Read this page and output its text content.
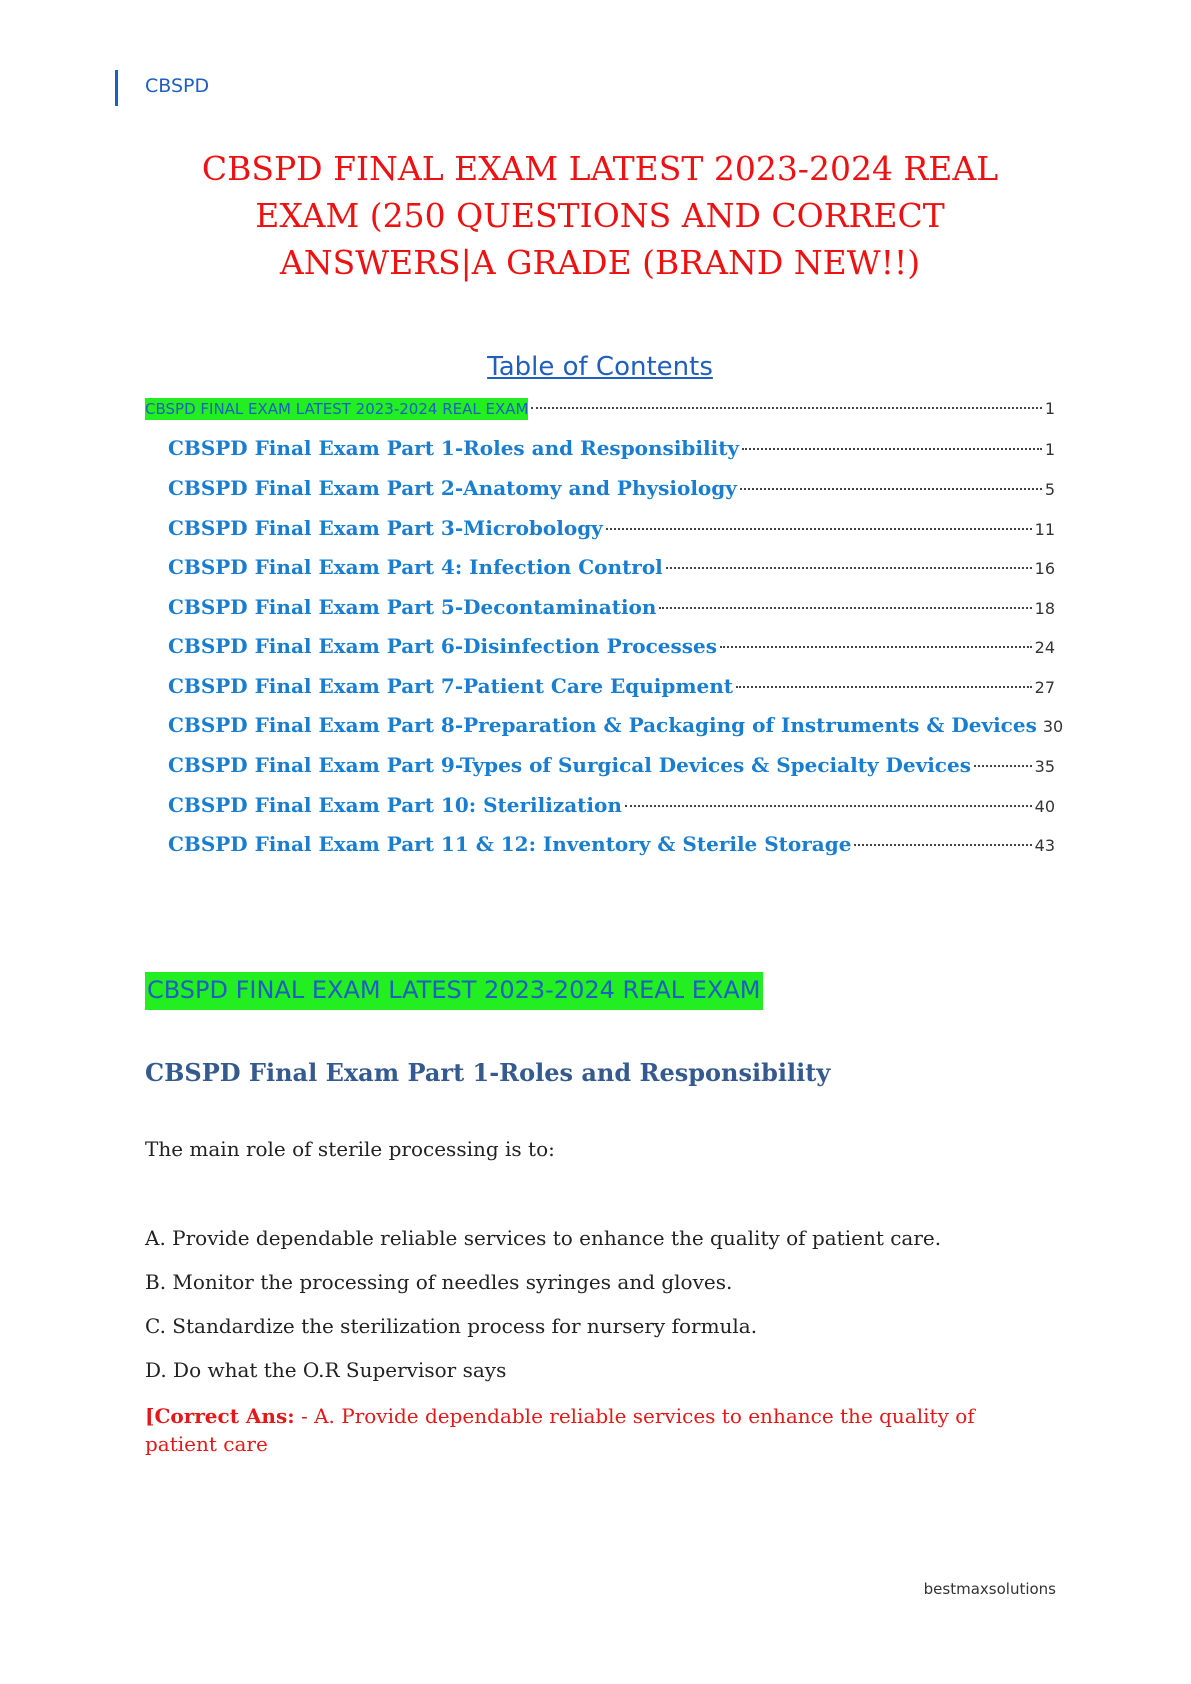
CBSPD
CBSPD FINAL EXAM LATEST 2023-2024 REAL
EXAM (250 QUESTIONS AND CORRECT
ANSWERS|A GRADE (BRAND NEW!!)
Table of Contents
CBSPD FINAL EXAM LATEST 2023-2024 REAL EXAM	1
CBSPD Final Exam Part 1-Roles and Responsibility	1
CBSPD Final Exam Part 2-Anatomy and Physiology	5
CBSPD Final Exam Part 3-Microbology	11
CBSPD Final Exam Part 4: Infection Control	16
CBSPD Final Exam Part 5-Decontamination	18
CBSPD Final Exam Part 6-Disinfection Processes	24
CBSPD Final Exam Part 7-Patient Care Equipment	27
CBSPD Final Exam Part 8-Preparation & Packaging of Instruments & Devices 30
CBSPD Final Exam Part 9-Types of Surgical Devices & Specialty Devices	35
CBSPD Final Exam Part 10: Sterilization	40
CBSPD Final Exam Part 11 & 12: Inventory & Sterile Storage	43
CBSPD FINAL EXAM LATEST 2023-2024 REAL EXAM
CBSPD Final Exam Part 1-Roles and Responsibility
The main role of sterile processing is to:
A. Provide dependable reliable services to enhance the quality of patient care.
B. Monitor the processing of needles syringes and gloves.
C. Standardize the sterilization process for nursery formula.
D. Do what the O.R Supervisor says
[Correct Ans: - A. Provide dependable reliable services to enhance the quality of patient care
bestmaxsolutions
